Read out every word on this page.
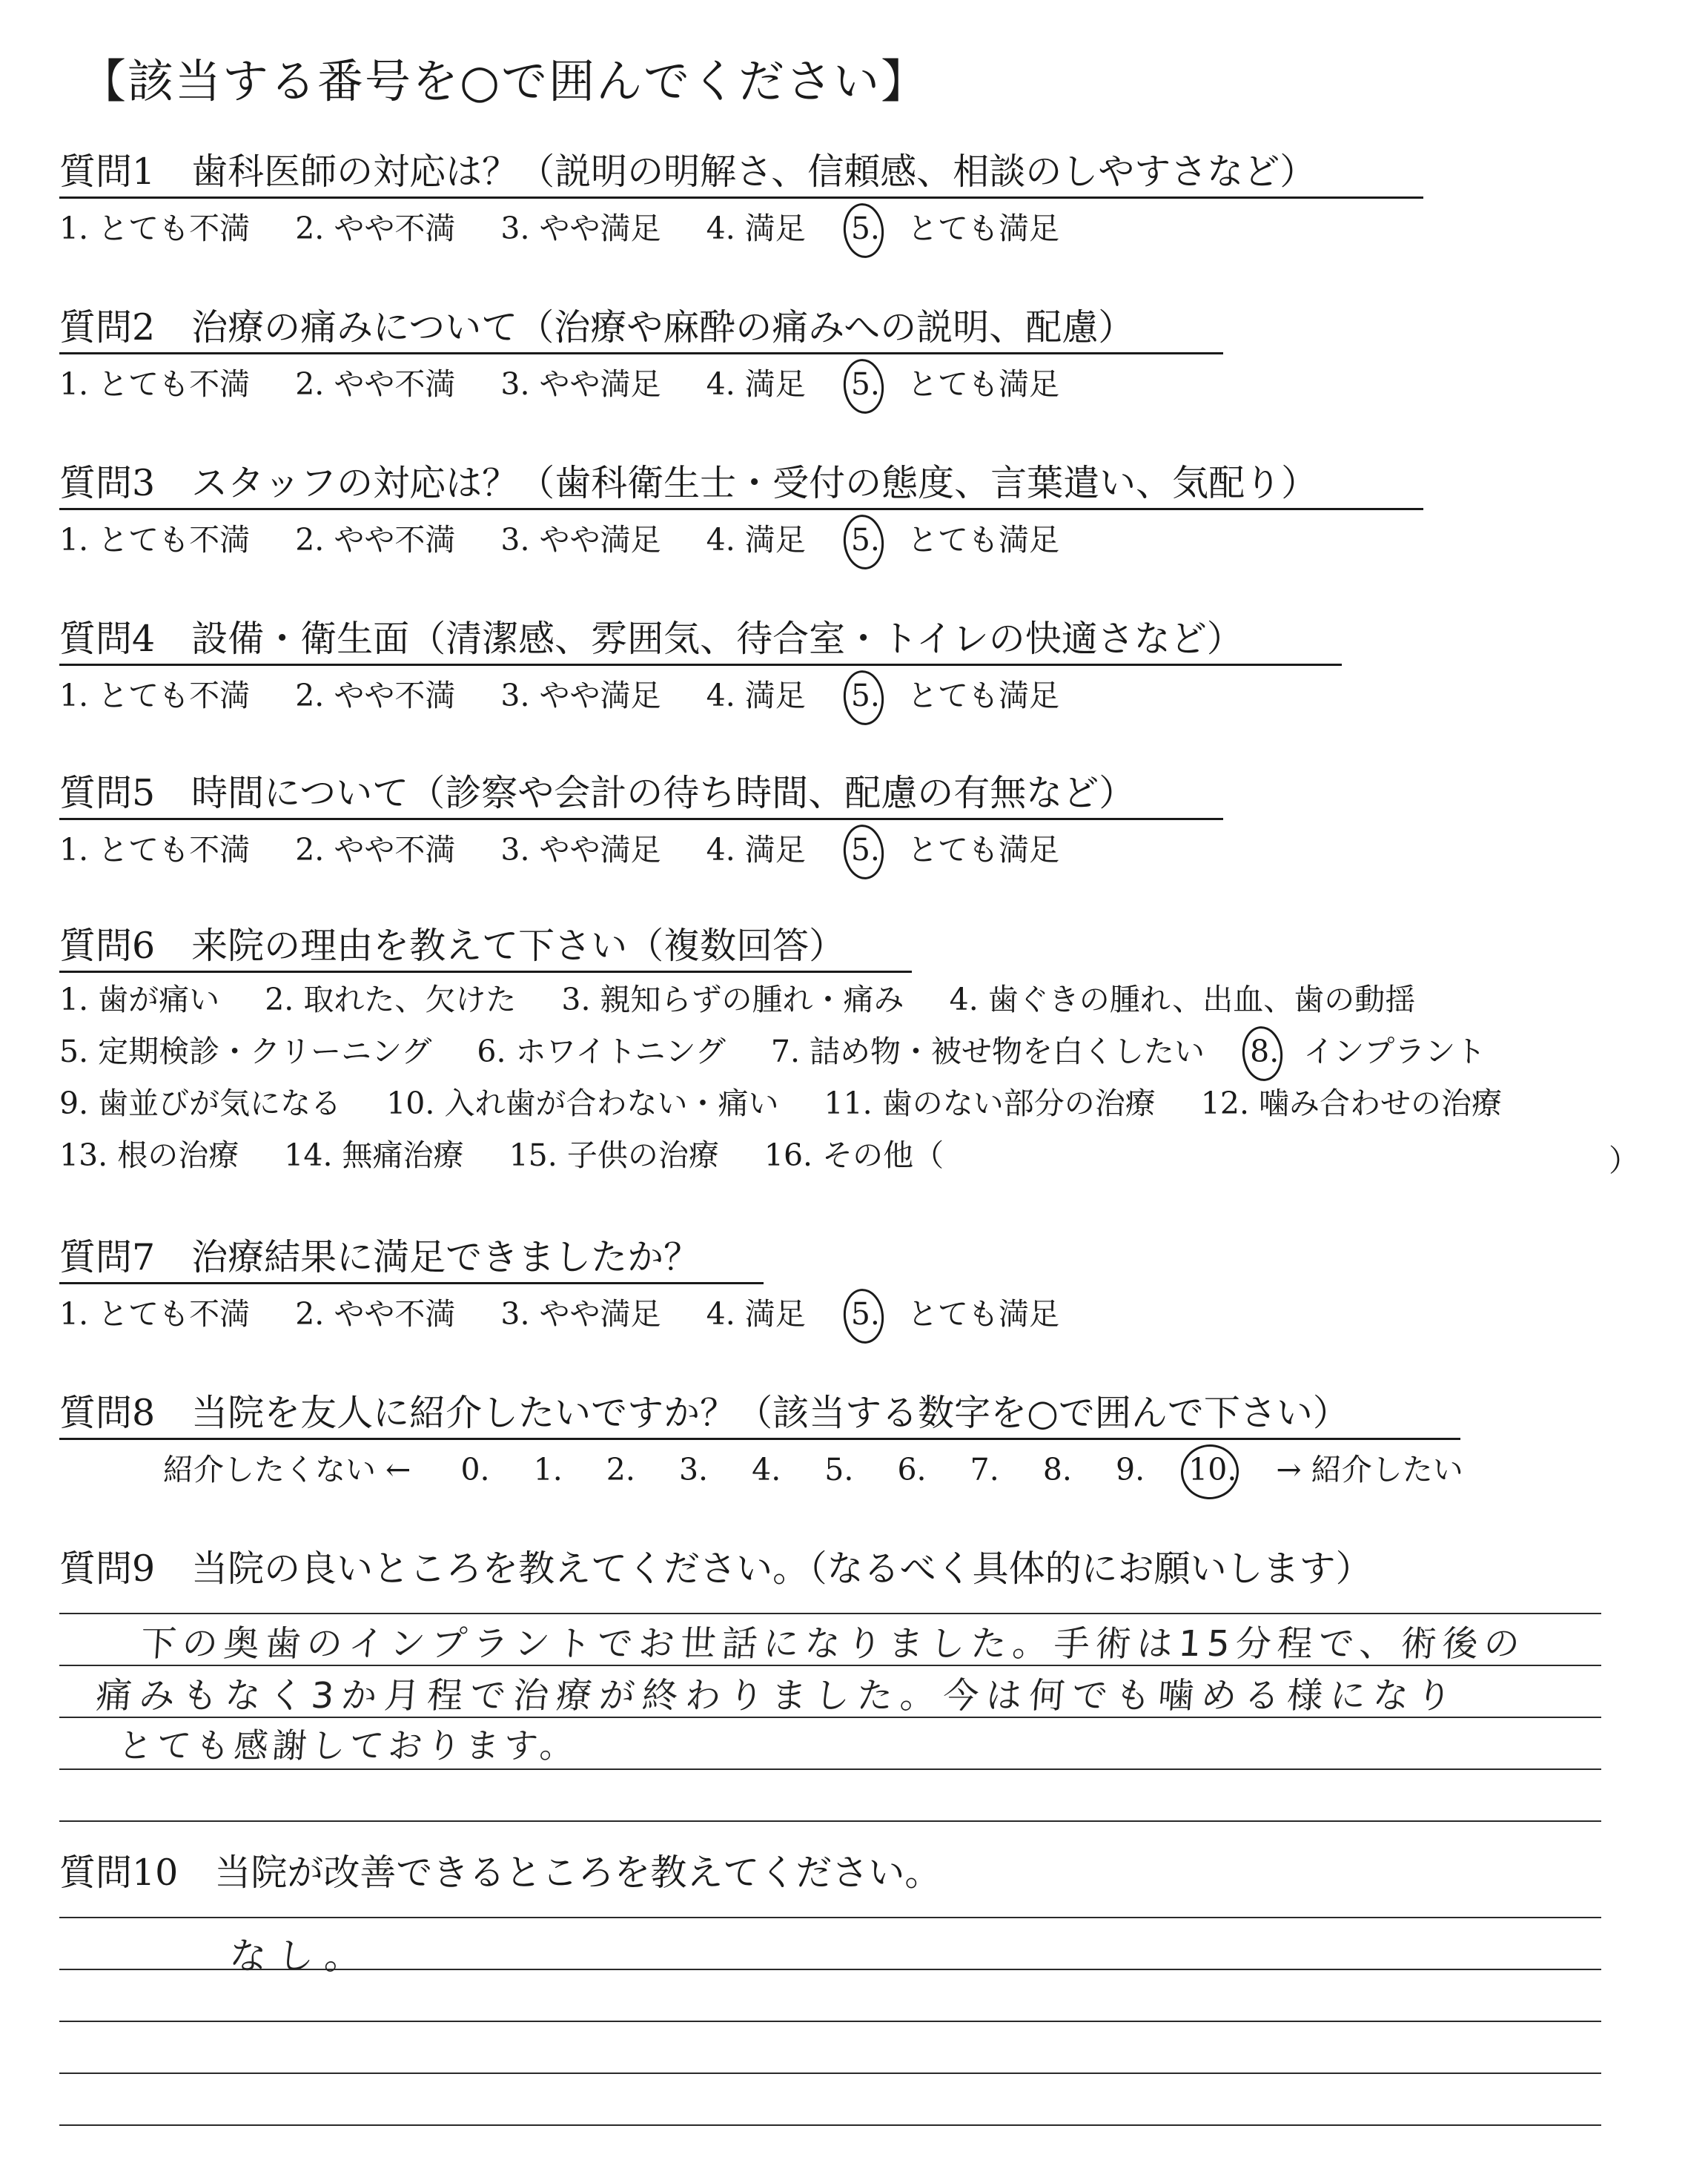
【該当する番号を○で囲んでください】
質問1　歯科医師の対応は？（説明の明解さ、信頼感、相談のしやすさなど）
1. とても不満 2. やや不満 3. やや満足 4. 満足 5. とても満足
質問2　治療の痛みについて（治療や麻酔の痛みへの説明、配慮）
1. とても不満 2. やや不満 3. やや満足 4. 満足 5. とても満足
質問3　スタッフの対応は？（歯科衛生士・受付の態度、言葉遣い、気配り）
1. とても不満 2. やや不満 3. やや満足 4. 満足 5. とても満足
質問4　設備・衛生面（清潔感、雰囲気、待合室・トイレの快適さなど）
1. とても不満 2. やや不満 3. やや満足 4. 満足 5. とても満足
質問5　時間について（診察や会計の待ち時間、配慮の有無など）
1. とても不満 2. やや不満 3. やや満足 4. 満足 5. とても満足
質問6　来院の理由を教えて下さい（複数回答）
1. 歯が痛い 2. 取れた、欠けた 3. 親知らずの腫れ・痛み 4. 歯ぐきの腫れ、出血、歯の動揺
5. 定期検診・クリーニング 6. ホワイトニング 7. 詰め物・被せ物を白くしたい 8. インプラント
9. 歯並びが気になる 10. 入れ歯が合わない・痛い 11. 歯のない部分の治療 12. 噛み合わせの治療
13. 根の治療 14. 無痛治療 15. 子供の治療 16. その他（	）
質問7　治療結果に満足できましたか？
1. とても不満 2. やや不満 3. やや満足 4. 満足 5. とても満足
質問8　当院を友人に紹介したいですか？（該当する数字を○で囲んで下さい）
紹介したくない ← 0. 1. 2. 3. 4. 5. 6. 7. 8. 9. 10. → 紹介したい
質問9　当院の良いところを教えてください。（なるべく具体的にお願いします）
下の奥歯のインプラントでお世話になりました。手術は15分程で、術後の
痛みもなく3か月程で治療が終わりました。今は何でも噛める様になり
とても感謝しております。
質問10　当院が改善できるところを教えてください。
なし。
